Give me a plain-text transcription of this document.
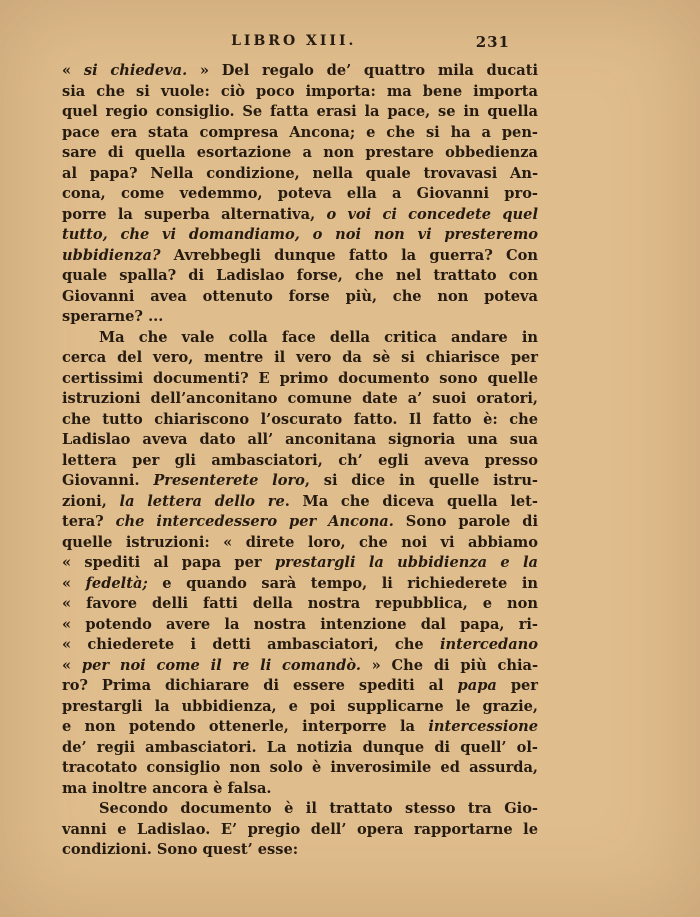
LIBRO XIII.	231
« si chiedeva. » Del regalo de’ quattro mila ducati
sia che si vuole: ciò poco importa: ma bene importa
quel regio consiglio. Se fatta erasi la pace, se in quella
pace era stata compresa Ancona; e che si ha a pen-
sare di quella esortazione a non prestare obbedienza
al papa? Nella condizione, nella quale trovavasi An-
cona, come vedemmo, poteva ella a Giovanni pro-
porre la superba alternativa, o voi ci concedete quel
tutto, che vi domandiamo, o noi non vi presteremo
ubbidienza? Avrebbegli dunque fatto la guerra? Con
quale spalla? di Ladislao forse, che nel trattato con
Giovanni avea ottenuto forse più, che non poteva
sperarne? ...
Ma che vale colla face della critica andare in
cerca del vero, mentre il vero da sè si chiarisce per
certissimi documenti? E primo documento sono quelle
istruzioni dell’anconitano comune date a’ suoi oratori,
che tutto chiariscono l’oscurato fatto. Il fatto è: che
Ladislao aveva dato all’ anconitana signoria una sua
lettera per gli ambasciatori, ch’ egli aveva presso
Giovanni. Presenterete loro, si dice in quelle istru-
zioni, la lettera dello re. Ma che diceva quella let-
tera? che intercedessero per Ancona. Sono parole di
quelle istruzioni: « direte loro, che noi vi abbiamo
« spediti al papa per prestargli la ubbidienza e la
« fedeltà; e quando sarà tempo, li richiederete in
« favore delli fatti della nostra repubblica, e non
« potendo avere la nostra intenzione dal papa, ri-
« chiederete i detti ambasciatori, che intercedano
« per noi come il re li comandò. » Che di più chia-
ro? Prima dichiarare di essere spediti al papa per
prestargli la ubbidienza, e poi supplicarne le grazie,
e non potendo ottenerle, interporre la intercessione
de’ regii ambasciatori. La notizia dunque di quell’ ol-
tracotato consiglio non solo è inverosimile ed assurda,
ma inoltre ancora è falsa.
Secondo documento è il trattato stesso tra Gio-
vanni e Ladislao. E’ pregio dell’ opera rapportarne le
condizioni. Sono quest’ esse:
